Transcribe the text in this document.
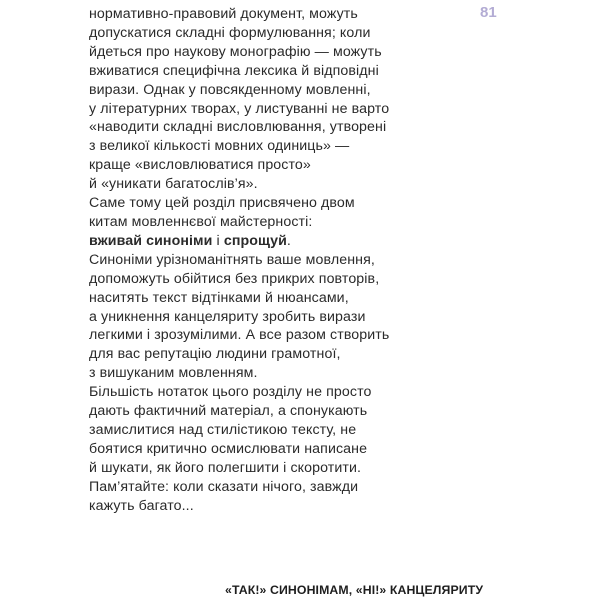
81
нормативно-правовий документ, можуть
допускатися складні формулювання; коли
йдеться про наукову монографію — можуть
вживатися специфічна лексика й відповідні
вирази. Однак у повсякденному мовленні,
у літературних творах, у листуванні не варто
«наводити складні висловлювання, утворені
з великої кількості мовних одиниць» —
краще «висловлюватися просто»
й «уникати багатослів’я».
Саме тому цей розділ присвячено двом
китам мовленнєвої майстерності:
вживай синоніми і спрощуй.
Синоніми урізноманітнять ваше мовлення,
допоможуть обійтися без прикрих повторів,
наситять текст відтінками й нюансами,
а уникнення канцеляриту зробить вирази
легкими і зрозумілими. А все разом створить
для вас репутацію людини грамотної,
з вишуканим мовленням.
Більшість нотаток цього розділу не просто
дають фактичний матеріал, а спонукають
замислитися над стилістикою тексту, не
боятися критично осмислювати написане
й шукати, як його полегшити і скоротити.
Пам’ятайте: коли сказати нічого, завжди
кажуть багато...
«ТАК!» СИНОНІМАМ, «НІ!» КАНЦЕЛЯРИТУ
